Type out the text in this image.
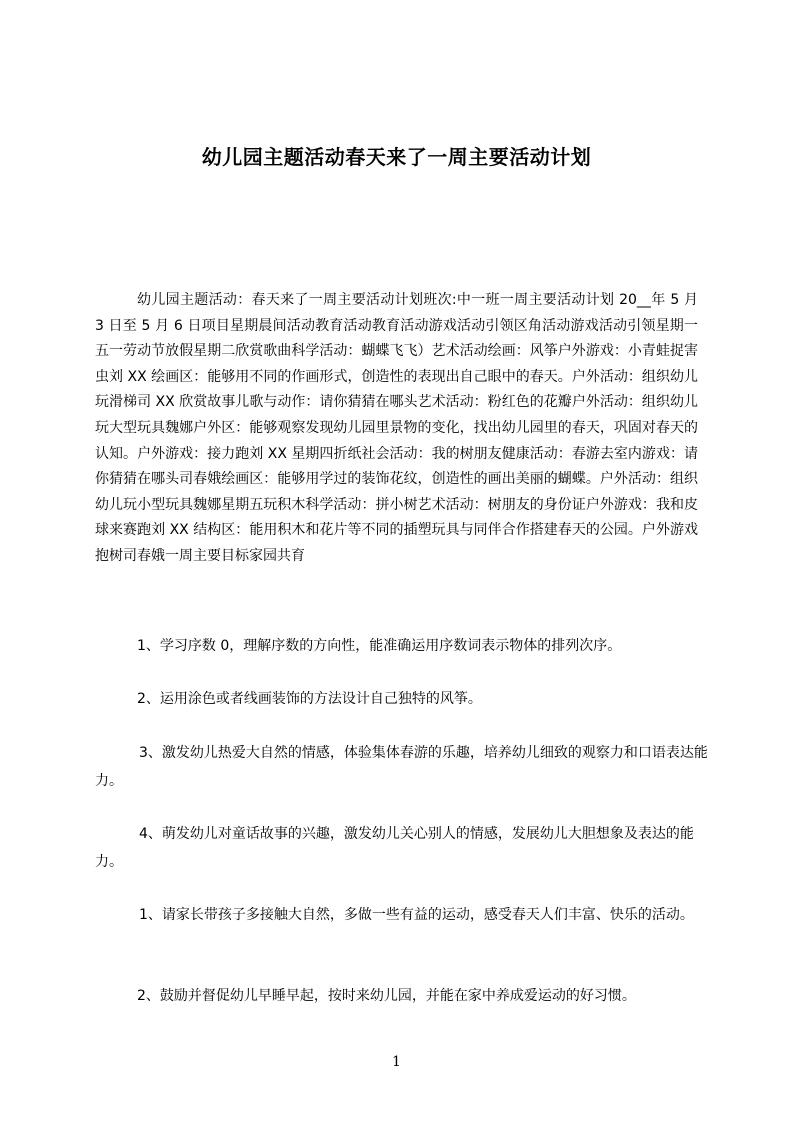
幼儿园主题活动春天来了一周主要活动计划
幼儿园主题活动：春天来了一周主要活动计划班次:中一班一周主要活动计划 20__年 5 月 3 日至 5 月 6 日项目星期晨间活动教育活动教育活动游戏活动引领区角活动游戏活动引领星期一五一劳动节放假星期二欣赏歌曲科学活动：蝴蝶飞飞）艺术活动绘画：风筝户外游戏：小青蛙捉害虫刘 XX 绘画区：能够用不同的作画形式，创造性的表现出自己眼中的春天。户外活动：组织幼儿玩滑梯司 XX 欣赏故事儿歌与动作：请你猜猜在哪头艺术活动：粉红色的花瓣户外活动：组织幼儿玩大型玩具魏娜户外区：能够观察发现幼儿园里景物的变化，找出幼儿园里的春天，巩固对春天的认知。户外游戏：接力跑刘 XX 星期四折纸社会活动：我的树朋友健康活动：春游去室内游戏：请你猜猜在哪头司春娥绘画区：能够用学过的装饰花纹，创造性的画出美丽的蝴蝶。户外活动：组织幼儿玩小型玩具魏娜星期五玩积木科学活动：拼小树艺术活动：树朋友的身份证户外游戏：我和皮球来赛跑刘 XX 结构区：能用积木和花片等不同的插塑玩具与同伴合作搭建春天的公园。户外游戏抱树司春娥一周主要目标家园共育
1、学习序数 0，理解序数的方向性，能准确运用序数词表示物体的排列次序。
2、运用涂色或者线画装饰的方法设计自己独特的风筝。
3、激发幼儿热爱大自然的情感，体验集体春游的乐趣，培养幼儿细致的观察力和口语表达能力。
4、萌发幼儿对童话故事的兴趣，激发幼儿关心别人的情感，发展幼儿大胆想象及表达的能力。
1、请家长带孩子多接触大自然，多做一些有益的运动，感受春天人们丰富、快乐的活动。
2、鼓励并督促幼儿早睡早起，按时来幼儿园，并能在家中养成爱运动的好习惯。
1
